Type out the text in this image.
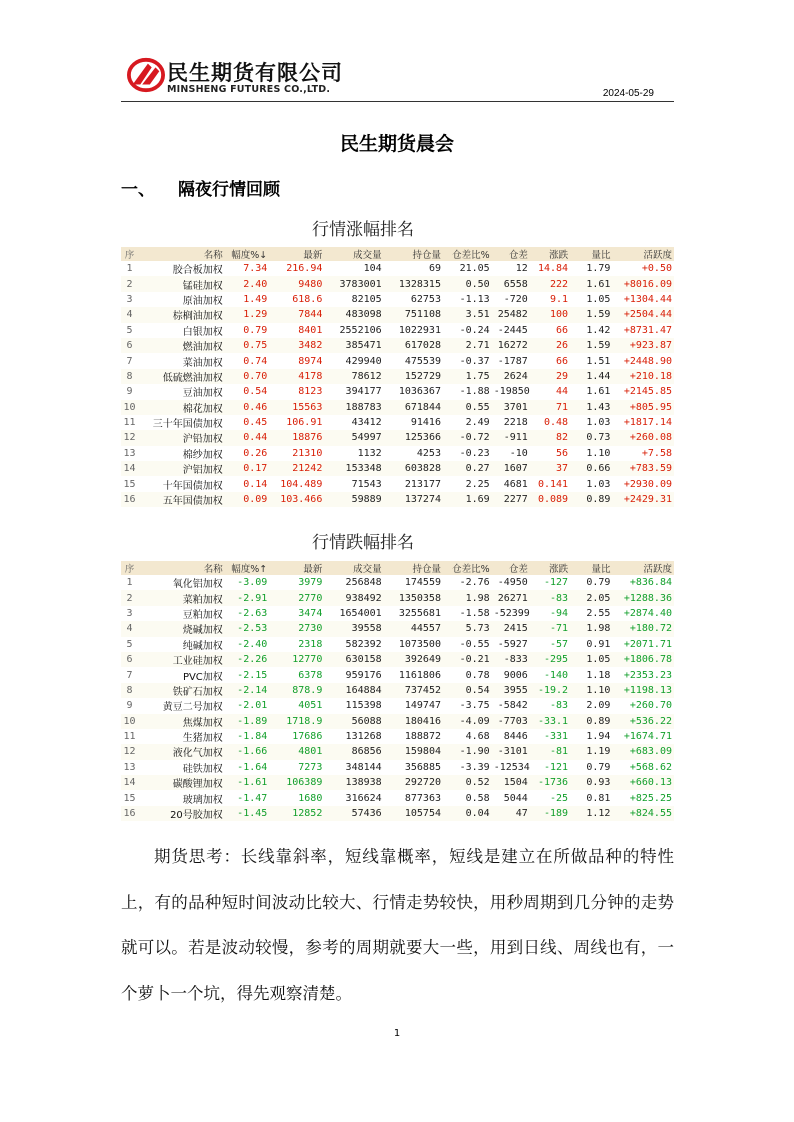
民生期货有限公司
MINSHENG FUTURES CO.,LTD.	2024-05-29
民生期货晨会
一、 隔夜行情回顾
行情涨幅排名
序	名称	幅度%↓	最新	成交量	持仓量	仓差比%	仓差	涨跌	量比	活跃度
1	胶合板加权	7.34	216.94	104	69	21.05	12	14.84	1.79	+0.50
2	锰硅加权	2.40	9480	3783001	1328315	0.50	6558	222	1.61	+8016.09
3	原油加权	1.49	618.6	82105	62753	-1.13	-720	9.1	1.05	+1304.44
4	棕榈油加权	1.29	7844	483098	751108	3.51	25482	100	1.59	+2504.44
5	白银加权	0.79	8401	2552106	1022931	-0.24	-2445	66	1.42	+8731.47
6	燃油加权	0.75	3482	385471	617028	2.71	16272	26	1.59	+923.87
7	菜油加权	0.74	8974	429940	475539	-0.37	-1787	66	1.51	+2448.90
8	低硫燃油加权	0.70	4178	78612	152729	1.75	2624	29	1.44	+210.18
9	豆油加权	0.54	8123	394177	1036367	-1.88	-19850	44	1.61	+2145.85
10	棉花加权	0.46	15563	188783	671844	0.55	3701	71	1.43	+805.95
11	三十年国债加权	0.45	106.91	43412	91416	2.49	2218	0.48	1.03	+1817.14
12	沪铅加权	0.44	18876	54997	125366	-0.72	-911	82	0.73	+260.08
13	棉纱加权	0.26	21310	1132	4253	-0.23	-10	56	1.10	+7.58
14	沪铝加权	0.17	21242	153348	603828	0.27	1607	37	0.66	+783.59
15	十年国债加权	0.14	104.489	71543	213177	2.25	4681	0.141	1.03	+2930.09
16	五年国债加权	0.09	103.466	59889	137274	1.69	2277	0.089	0.89	+2429.31
行情跌幅排名
序	名称	幅度%↑	最新	成交量	持仓量	仓差比%	仓差	涨跌	量比	活跃度
1	氧化铝加权	-3.09	3979	256848	174559	-2.76	-4950	-127	0.79	+836.84
2	菜粕加权	-2.91	2770	938492	1350358	1.98	26271	-83	2.05	+1288.36
3	豆粕加权	-2.63	3474	1654001	3255681	-1.58	-52399	-94	2.55	+2874.40
4	烧碱加权	-2.53	2730	39558	44557	5.73	2415	-71	1.98	+180.72
5	纯碱加权	-2.40	2318	582392	1073500	-0.55	-5927	-57	0.91	+2071.71
6	工业硅加权	-2.26	12770	630158	392649	-0.21	-833	-295	1.05	+1806.78
7	PVC加权	-2.15	6378	959176	1161806	0.78	9006	-140	1.18	+2353.23
8	铁矿石加权	-2.14	878.9	164884	737452	0.54	3955	-19.2	1.10	+1198.13
9	黄豆二号加权	-2.01	4051	115398	149747	-3.75	-5842	-83	2.09	+260.70
10	焦煤加权	-1.89	1718.9	56088	180416	-4.09	-7703	-33.1	0.89	+536.22
11	生猪加权	-1.84	17686	131268	188872	4.68	8446	-331	1.94	+1674.71
12	液化气加权	-1.66	4801	86856	159804	-1.90	-3101	-81	1.19	+683.09
13	硅铁加权	-1.64	7273	348144	356885	-3.39	-12534	-121	0.79	+568.62
14	碳酸锂加权	-1.61	106389	138938	292720	0.52	1504	-1736	0.93	+660.13
15	玻璃加权	-1.47	1680	316624	877363	0.58	5044	-25	0.81	+825.25
16	20号胶加权	-1.45	12852	57436	105754	0.04	47	-189	1.12	+824.55

期货思考：长线靠斜率，短线靠概率，短线是建立在所做品种的特性上，有的品种短时间波动比较大、行情走势较快，用秒周期到几分钟的走势就可以。若是波动较慢，参考的周期就要大一些，用到日线、周线也有，一个萝卜一个坑，得先观察清楚。

1
